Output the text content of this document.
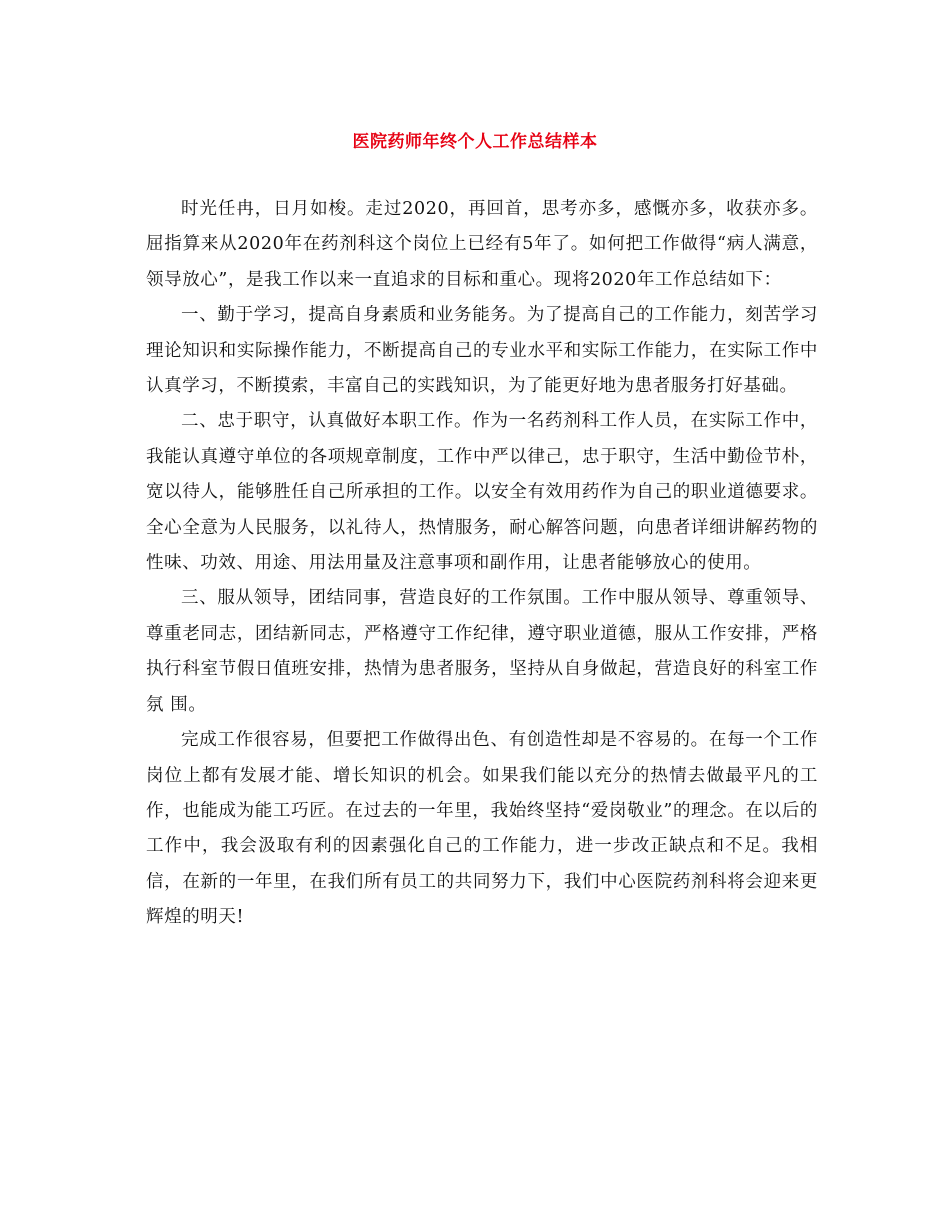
医院药师年终个人工作总结样本

时光任冉，日月如梭。走过2020，再回首，思考亦多，感慨亦多，收获亦多。屈指算来从2020年在药剂科这个岗位上已经有5年了。如何把工作做得“病人满意，领导放心”，是我工作以来一直追求的目标和重心。现将2020年工作总结如下：

一、勤于学习，提高自身素质和业务能务。为了提高自己的工作能力，刻苦学习理论知识和实际操作能力，不断提高自己的专业水平和实际工作能力，在实际工作中认真学习，不断摸索，丰富自己的实践知识，为了能更好地为患者服务打好基础。

二、忠于职守，认真做好本职工作。作为一名药剂科工作人员，在实际工作中，我能认真遵守单位的各项规章制度，工作中严以律己，忠于职守，生活中勤俭节朴，宽以待人，能够胜任自己所承担的工作。以安全有效用药作为自己的职业道德要求。全心全意为人民服务，以礼待人，热情服务，耐心解答问题，向患者详细讲解药物的性味、功效、用途、用法用量及注意事项和副作用，让患者能够放心的使用。

三、服从领导，团结同事，营造良好的工作氛围。工作中服从领导、尊重领导、尊重老同志，团结新同志，严格遵守工作纪律，遵守职业道德，服从工作安排，严格执行科室节假日值班安排，热情为患者服务，坚持从自身做起，营造良好的科室工作氛 围。

完成工作很容易，但要把工作做得出色、有创造性却是不容易的。在每一个工作岗位上都有发展才能、增长知识的机会。如果我们能以充分的热情去做最平凡的工作，也能成为能工巧匠。在过去的一年里，我始终坚持“爱岗敬业”的理念。在以后的工作中，我会汲取有利的因素强化自己的工作能力，进一步改正缺点和不足。我相信，在新的一年里，在我们所有员工的共同努力下，我们中心医院药剂科将会迎来更辉煌的明天!
